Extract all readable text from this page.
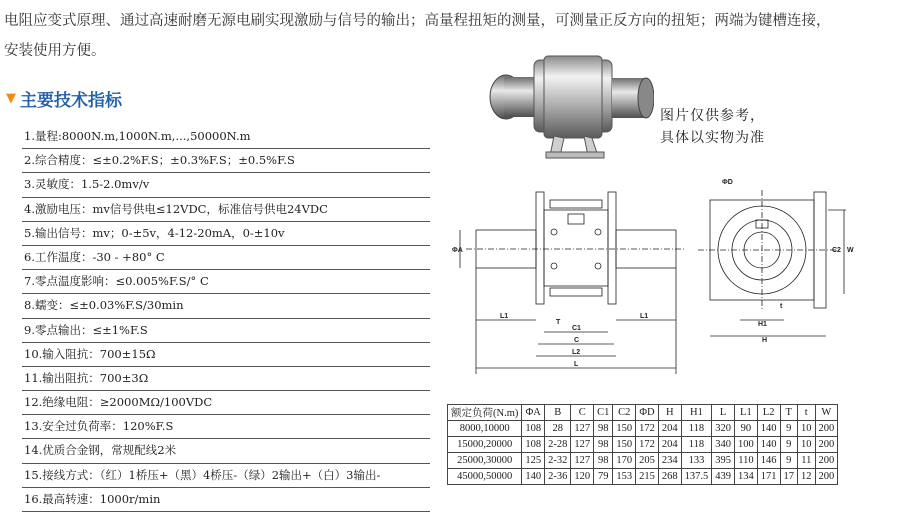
电阻应变式原理、通过高速耐磨无源电刷实现激励与信号的输出；高量程扭矩的测量，可测量正反方向的扭矩；两端为键槽连接，
安装使用方便。
▼ 主要技术指标
1.量程:8000N.m,1000N.m,...,50000N.m
2.综合精度：≤±0.2%F.S；±0.3%F.S；±0.5%F.S
3.灵敏度：1.5-2.0mv/v
4.激励电压：mv信号供电≤12VDC，标准信号供电24VDC
5.输出信号：mv；0-±5v，4-12-20mA，0-±10v
6.工作温度：-30 - +80° C
7.零点温度影响：≤0.005%F.S/° C
8.蠕变：≤±0.03%F.S/30min
9.零点输出：≤±1%F.S
10.输入阻抗：700±15Ω
11.输出阻抗：700±3Ω
12.绝缘电阻：≥2000MΩ/100VDC
13.安全过负荷率：120%F.S
14.优质合金钢，常规配线2米
15.接线方式：（红）1桥压+（黑）4桥压-（绿）2输出+（白）3输出-
16.最高转速：1000r/min
图片仅供参考，
具体以实物为准
ΦA
L1	L1
T
C1
C
L2
L
ΦD
C2 W
t
H1
H
额定负荷(N.m)	ΦA	B	C	C1	C2	ΦD	H	H1	L	L1	L2	T	t	W
8000,10000	108	28	127	98	150	172	204	118	320	90	140	9	10	200
15000,20000	108	2-28	127	98	150	172	204	118	340	100	140	9	10	200
25000,30000	125	2-32	127	98	170	205	234	133	395	110	146	9	11	200
45000,50000	140	2-36	120	79	153	215	268	137.5	439	134	171	17	12	200
